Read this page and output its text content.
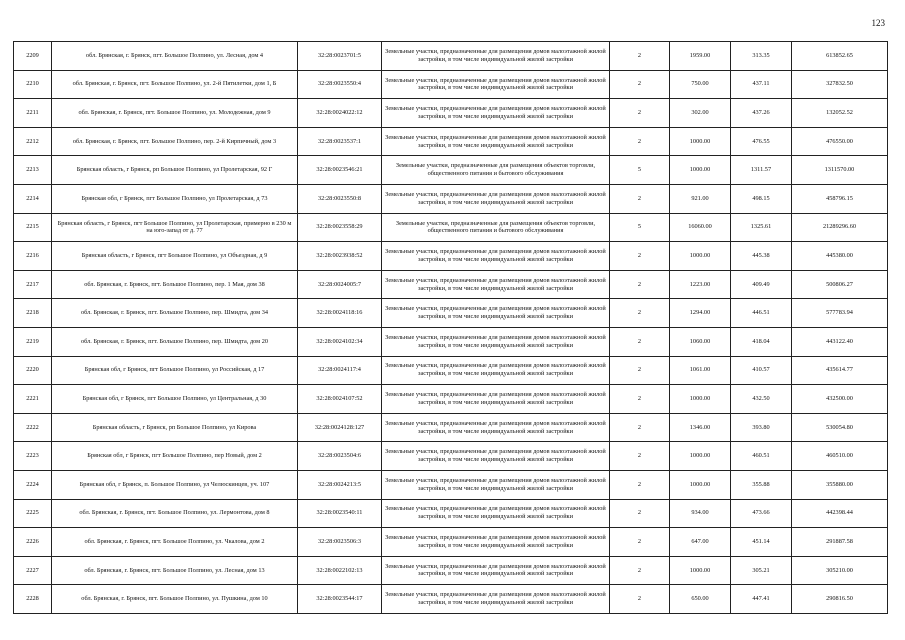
123
2209	обл. Брянская, г. Брянск, пгт. Большое Полпино, ул. Лесная, дом 4	32:28:0023701:5	Земельные участки, предназначенные для размещения домов малоэтажной жилой застройки, в том числе индивидуальной жилой застройки	2	1959.00	313.35	613852.65
2210	обл. Брянская, г. Брянск, пгт. Большое Полпино, ул. 2-й Пятилетки, дом 1, Б	32:28:0023550:4	Земельные участки, предназначенные для размещения домов малоэтажной жилой застройки, в том числе индивидуальной жилой застройки	2	750.00	437.11	327832.50
2211	обл. Брянская, г. Брянск, пгт. Большое Полпино, ул. Молодежная, дом 9	32:28:0024022:12	Земельные участки, предназначенные для размещения домов малоэтажной жилой застройки, в том числе индивидуальной жилой застройки	2	302.00	437.26	132052.52
2212	обл. Брянская, г. Брянск, пгт. Большое Полпино, пер. 2-й Кирпичный, дом 3	32:28:0023537:1	Земельные участки, предназначенные для размещения домов малоэтажной жилой застройки, в том числе индивидуальной жилой застройки	2	1000.00	476.55	476550.00
2213	Брянская область, г Брянск, рп Большое Полпино, ул Пролетарская, 92 Г	32:28:0023546:21	Земельные участки, предназначенные для размещения объектов торговли, общественного питания и бытового обслуживания	5	1000.00	1311.57	1311570.00
2214	Брянская обл, г Брянск, пгт Большое Полпино, ул Пролетарская, д 73	32:28:0023550:8	Земельные участки, предназначенные для размещения домов малоэтажной жилой застройки, в том числе индивидуальной жилой застройки	2	921.00	498.15	458796.15
2215	Брянская область, г Брянск, пгт Большое Полпино, ул Пролетарская, примерно в 230 м на юго-запад от д. 77	32:28:0023558:29	Земельные участки, предназначенные для размещения объектов торговли, общественного питания и бытового обслуживания	5	16060.00	1325.61	21289296.60
2216	Брянская область, г Брянск, пгт Большое Полпино, ул Объездная, д 9	32:28:0023938:52	Земельные участки, предназначенные для размещения домов малоэтажной жилой застройки, в том числе индивидуальной жилой застройки	2	1000.00	445.38	445380.00
2217	обл. Брянская, г. Брянск, пгт. Большое Полпино, пер. 1 Мая, дом 38	32:28:0024005:7	Земельные участки, предназначенные для размещения домов малоэтажной жилой застройки, в том числе индивидуальной жилой застройки	2	1223.00	409.49	500806.27
2218	обл. Брянская, г. Брянск, пгт. Большое Полпино, пер. Шмидта, дом 34	32:28:0024118:16	Земельные участки, предназначенные для размещения домов малоэтажной жилой застройки, в том числе индивидуальной жилой застройки	2	1294.00	446.51	577783.94
2219	обл. Брянская, г. Брянск, пгт. Большое Полпино, пер. Шмидта, дом 20	32:28:0024102:34	Земельные участки, предназначенные для размещения домов малоэтажной жилой застройки, в том числе индивидуальной жилой застройки	2	1060.00	418.04	443122.40
2220	Брянская обл, г Брянск, пгт Большое Полпино, ул Российская, д 17	32:28:0024117:4	Земельные участки, предназначенные для размещения домов малоэтажной жилой застройки, в том числе индивидуальной жилой застройки	2	1061.00	410.57	435614.77
2221	Брянская обл, г Брянск, пгт Большое Полпино, ул Центральная, д 30	32:28:0024107:52	Земельные участки, предназначенные для размещения домов малоэтажной жилой застройки, в том числе индивидуальной жилой застройки	2	1000.00	432.50	432500.00
2222	Брянская область, г Брянск, рп Большое Полпино, ул Кирова	32:28:0024128:127	Земельные участки, предназначенные для размещения домов малоэтажной жилой застройки, в том числе индивидуальной жилой застройки	2	1346.00	393.80	530054.80
2223	Брянская обл, г Брянск, пгт Большое Полпино, пер Новый, дом 2	32:28:0023504:6	Земельные участки, предназначенные для размещения домов малоэтажной жилой застройки, в том числе индивидуальной жилой застройки	2	1000.00	460.51	460510.00
2224	Брянская обл, г Брянск, п. Большое Полпино, ул Челюскинцев, уч. 107	32:28:0024213:5	Земельные участки, предназначенные для размещения домов малоэтажной жилой застройки, в том числе индивидуальной жилой застройки	2	1000.00	355.88	355880.00
2225	обл. Брянская, г. Брянск, пгт. Большое Полпино, ул. Лермонтова, дом 8	32:28:0023540:11	Земельные участки, предназначенные для размещения домов малоэтажной жилой застройки, в том числе индивидуальной жилой застройки	2	934.00	473.66	442398.44
2226	обл. Брянская, г. Брянск, пгт. Большое Полпино, ул. Чкалова, дом 2	32:28:0023506:3	Земельные участки, предназначенные для размещения домов малоэтажной жилой застройки, в том числе индивидуальной жилой застройки	2	647.00	451.14	291887.58
2227	обл. Брянская, г. Брянск, пгт. Большое Полпино, ул. Лесная, дом 13	32:28:0022102:13	Земельные участки, предназначенные для размещения домов малоэтажной жилой застройки, в том числе индивидуальной жилой застройки	2	1000.00	305.21	305210.00
2228	обл. Брянская, г. Брянск, пгт. Большое Полпино, ул. Пушкина, дом 10	32:28:0023544:17	Земельные участки, предназначенные для размещения домов малоэтажной жилой застройки, в том числе индивидуальной жилой застройки	2	650.00	447.41	290816.50
